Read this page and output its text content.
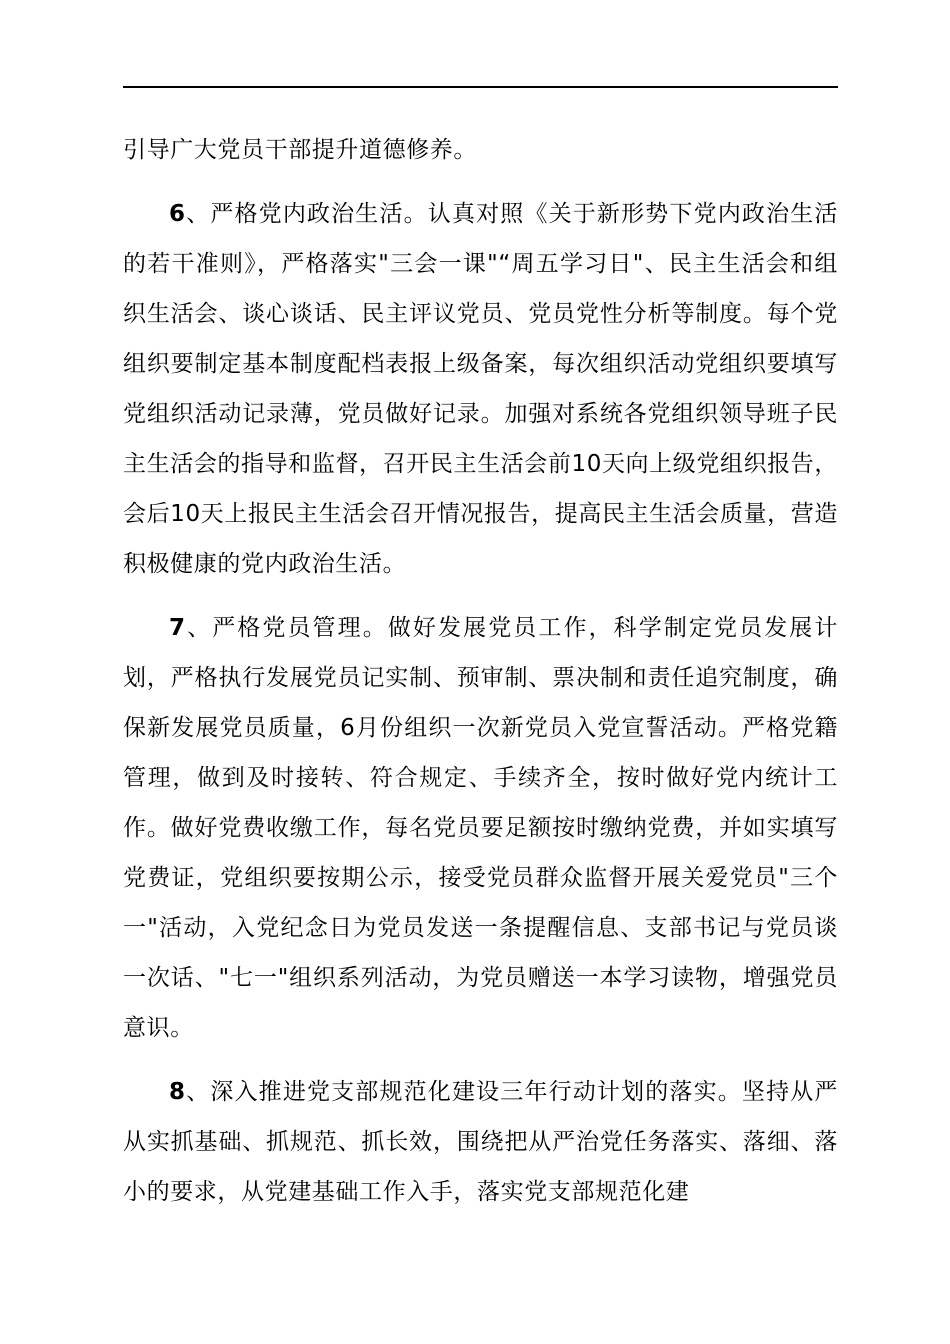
引导广大党员干部提升道德修养。

6、严格党内政治生活。认真对照《关于新形势下党内政治生活的若干准则》，严格落实"三会一课"“周五学习日"、民主生活会和组织生活会、谈心谈话、民主评议党员、党员党性分析等制度。每个党组织要制定基本制度配档表报上级备案，每次组织活动党组织要填写党组织活动记录薄，党员做好记录。加强对系统各党组织领导班子民主生活会的指导和监督，召开民主生活会前10天向上级党组织报告，会后10天上报民主生活会召开情况报告，提高民主生活会质量，营造积极健康的党内政治生活。

7、严格党员管理。做好发展党员工作，科学制定党员发展计划，严格执行发展党员记实制、预审制、票决制和责任追究制度，确保新发展党员质量，6月份组织一次新党员入党宣誓活动。严格党籍管理，做到及时接转、符合规定、手续齐全，按时做好党内统计工作。做好党费收缴工作，每名党员要足额按时缴纳党费，并如实填写党费证，党组织要按期公示，接受党员群众监督开展关爱党员"三个一"活动，入党纪念日为党员发送一条提醒信息、支部书记与党员谈一次话、"七一"组织系列活动，为党员赠送一本学习读物，增强党员意识。

8、深入推进党支部规范化建设三年行动计划的落实。坚持从严从实抓基础、抓规范、抓长效，围绕把从严治党任务落实、落细、落小的要求，从党建基础工作入手，落实党支部规范化建
